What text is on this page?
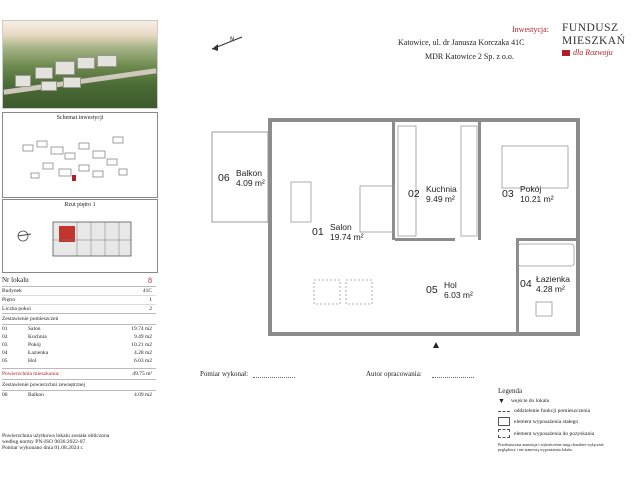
N
Inwestycja:
Katowice, ul. dr Janusza Korczaka 41C
MDR Katowice 2 Sp. z o.o.
FUNDUSZ
MIESZKAŃ
dla Rozwoju
Schemat inwestycji
Rzut piętro 1
Nr lokalu	8
Budynek	41C
Piętro	1
Liczba pokoi	2
Zestawienie pomieszczeń
01	Salon	19.74 m2
02	Kuchnia	9.49 m2
03	Pokój	10.21 m2
04	Łazienka	4.28 m2
05	Hol	6.03 m2
Powierzchnia mieszkania:	49.75 m²
Zestawienie powierzchni zewnętrznej
06	Balkon	4.09 m2
Powierzchnia użytkowa lokalu została obliczona
według normy PN-ISO 9836:2022-07.
Pomiar wykonano dnia 01.08.2024 r.
06 Balkon
4.09 m²
01 Salon
19.74 m²
02 Kuchnia
9.49 m²	03 Pokój
10.21 m²
05 Hol
6.03 m²
04 Łazienka
4.28 m²
Pomiar wykonał:	Autor opracowania:
Legenda
▼ wejście do lokalu
oddzielenie funkcji pomieszczenia
element wyposażenia stałego
element wyposażenia do pozyskania
Przedstawiona aranżacja i wykończenie mają charakter wyłącznie
poglądowy i nie stanowią wyposażenia lokalu.
